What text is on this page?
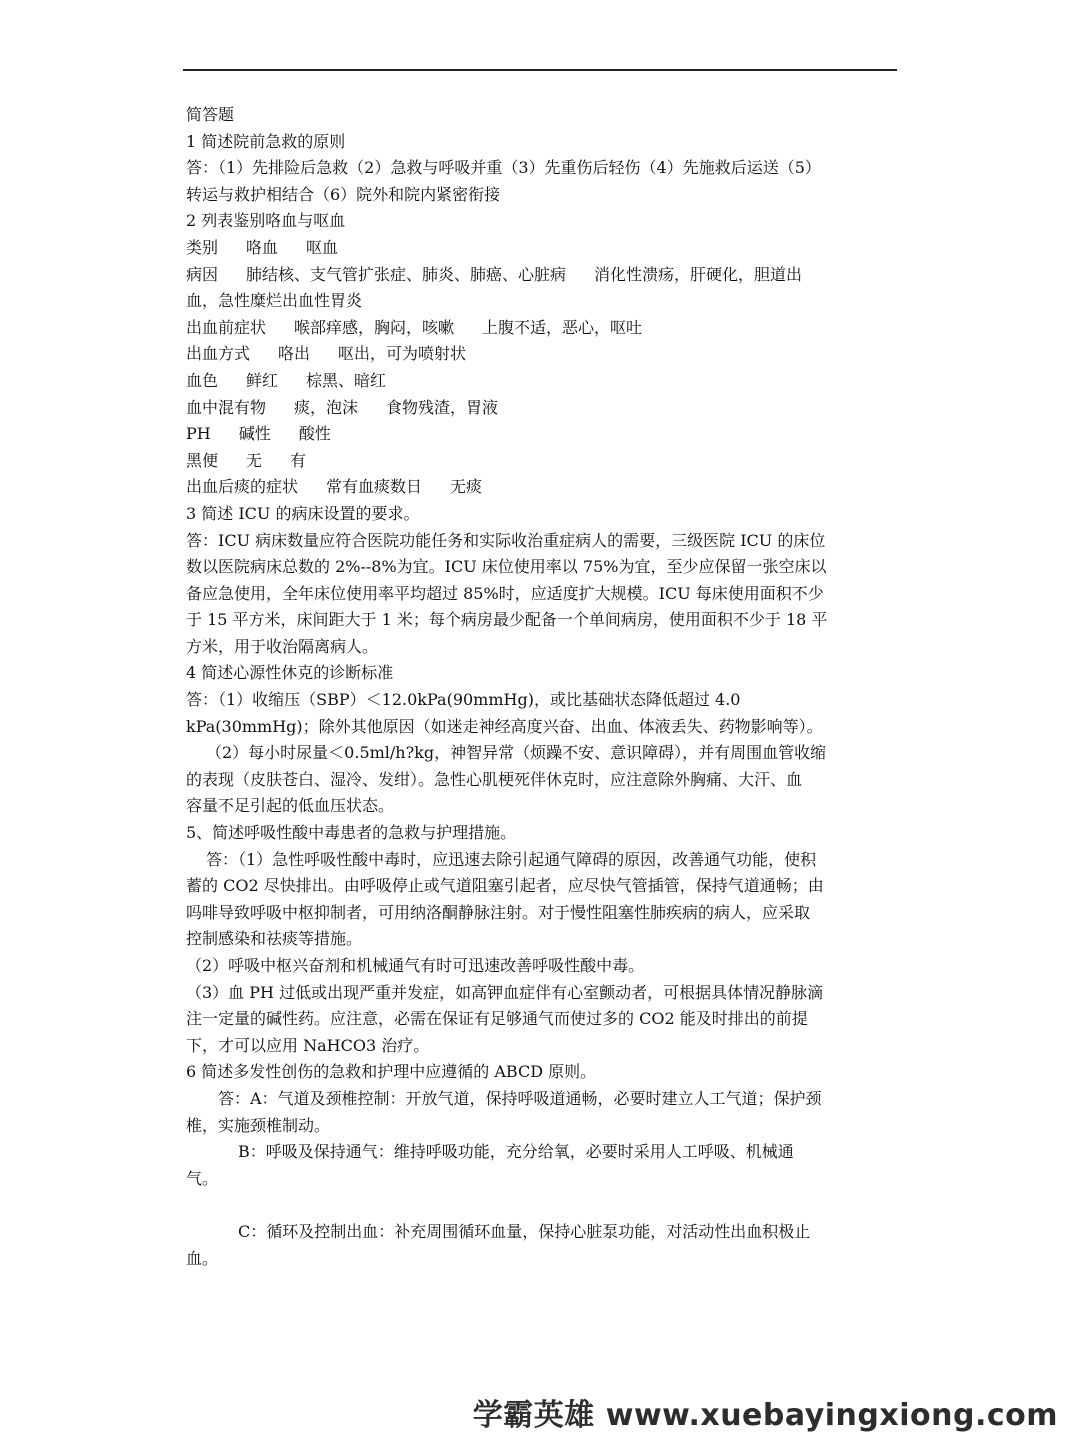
简答题

1 简述院前急救的原则

答：（1）先排险后急救（2）急救与呼吸并重（3）先重伤后轻伤（4）先施救后运送（5）

转运与救护相结合（6）院外和院内紧密衔接

2 列表鉴别咯血与呕血

类别 咯血 呕血

病因 肺结核、支气管扩张症、肺炎、肺癌、心脏病 消化性溃疡，肝硬化，胆道出

血，急性糜烂出血性胃炎

出血前症状 喉部痒感，胸闷，咳嗽 上腹不适，恶心，呕吐

出血方式 咯出 呕出，可为喷射状

血色 鲜红 棕黑、暗红

血中混有物 痰，泡沫 食物残渣，胃液

PH 碱性 酸性

黑便 无 有

出血后痰的症状 常有血痰数日 无痰

3 简述 ICU 的病床设置的要求。

答：ICU 病床数量应符合医院功能任务和实际收治重症病人的需要，三级医院 ICU 的床位

数以医院病床总数的 2%--8%为宜。ICU 床位使用率以 75%为宜，至少应保留一张空床以

备应急使用，全年床位使用率平均超过 85%时，应适度扩大规模。ICU 每床使用面积不少

于 15 平方米，床间距大于 1 米；每个病房最少配备一个单间病房，使用面积不少于 18 平

方米，用于收治隔离病人。

4 简述心源性休克的诊断标准

答：（1）收缩压（SBP）＜12.0kPa(90mmHg)，或比基础状态降低超过 4.0

kPa(30mmHg)；除外其他原因（如迷走神经高度兴奋、出血、体液丢失、药物影响等）。

（2）每小时尿量＜0.5ml/h?kg，神智异常（烦躁不安、意识障碍），并有周围血管收缩

的表现（皮肤苍白、湿冷、发绀）。急性心肌梗死伴休克时，应注意除外胸痛、大汗、血

容量不足引起的低血压状态。

5、简述呼吸性酸中毒患者的急救与护理措施。

答：（1）急性呼吸性酸中毒时，应迅速去除引起通气障碍的原因，改善通气功能，使积

蓄的 CO2 尽快排出。由呼吸停止或气道阻塞引起者，应尽快气管插管，保持气道通畅；由

吗啡导致呼吸中枢抑制者，可用纳洛酮静脉注射。对于慢性阻塞性肺疾病的病人，应采取

控制感染和祛痰等措施。

（2）呼吸中枢兴奋剂和机械通气有时可迅速改善呼吸性酸中毒。

（3）血 PH 过低或出现严重并发症，如高钾血症伴有心室颤动者，可根据具体情况静脉滴

注一定量的碱性药。应注意，必需在保证有足够通气而使过多的 CO2 能及时排出的前提

下，才可以应用 NaHCO3 治疗。

6 简述多发性创伤的急救和护理中应遵循的 ABCD 原则。

答：A：气道及颈椎控制：开放气道，保持呼吸道通畅，必要时建立人工气道；保护颈

椎，实施颈椎制动。

B：呼吸及保持通气：维持呼吸功能，充分给氧，必要时采用人工呼吸、机械通

气。

C：循环及控制出血：补充周围循环血量，保持心脏泵功能，对活动性出血积极止

血。

学霸英雄 www.xuebayingxiong.com
